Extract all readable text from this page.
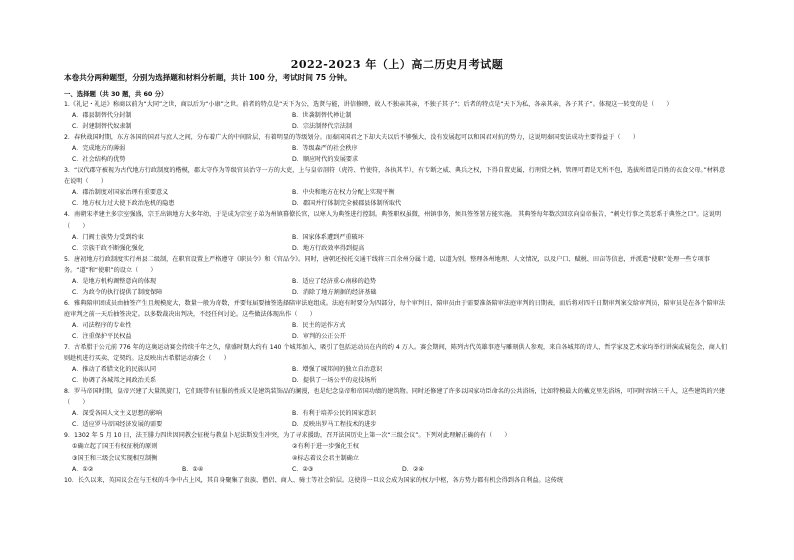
2022-2023 年（上）高二历史月考试题
本卷共分两种题型，分别为选择题和材料分析题，共计 100 分，考试时间 75 分钟。
一、选择题（共 30 题，共 60 分）
1.《礼记・礼运》称商以前为“大同”之世，商以后为“小康”之世。前者的特点是“天下为公，选贤与能，讲信修睦，故人不独亲其亲，不独子其子”；后者的特点是“天下为私，各亲其亲，各子其子”。体现这一转变的是（　　）
A．郡县制替代分封制	B．世袭制替代禅让制
C．封建制替代奴隶制	D．宗法制替代宗法制
2．春秋战国时期，东方各国的国君与庶人之间，分布着广大的中间阶层，有着明显的等级划分。而秦国国君之下却大夫以后不够强大，没有发展起可以和国君对抗的势力，这说明秦国变法成功主要得益于（　　）
A．完成地方的薄弱	B．等级森严的社会秩序
C．社会结构的优势	D．顺应时代的发展要求
3．“汉代郡守被视为古代地方行政制度的楷模，郡太守作为等级官员治守一方的大吏，上与皇帝剖符（虎符、竹使符，各执其半），有专断之威、典兵之权，下得自置吏属，行刑赏之柄，管理可谓是无所不包，选拔所谓是百姓的衣食父母。”材料意在说明（　　）
A．郡治制度对国家治理有重要意义	B．中央和地方在权力分配上实现平衡
C．地方权力过大使下政治危机的隐患	D．郡国并行体制完全被郡县体制所取代
4．南朝宋孝建主多宗室强盛，宗王出镇地方大多年幼，于是成为宗室子弟为州镇幕僚长官，以寒人为典签进行控制。典签职权虽微，州镇事务，须具签签署方能实施。 其典签每年数次回京向皇帝报告，“刺史行事之美恶系于典签之口”。这说明（　　）
A．门阀士族势力受到约束	B．国家体系遭到严重破坏
C．宗族干政不断强化强化	D．地方行政效率得到提高
5．唐初地方行政制度实行州县二级制，在职官设置上严格遵守《职员令》和《官品令》。同时，唐朝还按托交通干线将三百余州分属十道，以道为别，整理各州地理、人文情况，以及户口、赋税、田亩等信息，并派遣“使职”处理一些专项事务。“道”和“使职”的设立（　　）
A．是地方机构调整意向的体现	B．适应了经济重心南移的趋势
C．为政令的执行提供了制度保障	D．消除了地方割据的经济基础
6．雅典陪审团成员由抽签产生且规模庞大，数量一般为奇数，并要每届要抽签选择陪审法庭组成。法庭有时要分为四部分，每个审判日，陪审员由于需要准备陪审法庭审判的日期表，而后将对四千日期审判案交给审判员，陪审员是在各个陪审法庭审判之前一天后抽签决定。以多数裁决出判决，不经任何讨论。这些做法体现出作（　　）
A．司法程序的专业性	B．民主的运作方式
C．注重保护平民权益	D．审判的公正公开
7．古希腊于公元前 776 年的这奥运动赛会持续千年之久，鼎盛时期大约有 140 个城邦加入，吸引了包括运动员在内的约 4 万人。赛会期间，陈列古代英雄事迹与雕刻供人参观，来自各城邦的诗人、哲学家及艺术家均举行讲演或展览会，商人们则趁机进行买卖、定契约。这反映出古希腊运动赛会（　　）
A．推动了希腊文化的民族认同	B．增强了城邦间的独立自治意识
C．协调了各城邦之间政治关系	D．提供了一场公平的竞技场所
8．罗马帝国时期，皇帝兴建了大量凯旋门，它们既带有征服的性质又是建筑装饰品的澜漫，也是纪念皇帝和帝国功绩的建筑物。同时还修建了许多以国家功臣命名的公共浴场，比如特模最大的戴克里先浴场，可同时容纳三千人，这些建筑的兴建（　　）
A．深受各国人文主义思想的影响	B．有利于培养公民的国家意识
C．适应罗马帝国经济发展的需要	D．反映出罗马工程技术的进步
9．1302 年 5 月 10 日，法王腓力四世因同教会征税与教皇卜尼法斯发生冲突，为了寻求援助，召开法国历史上第一次“三级会议”。下列对此理解正确的有（　　）
①确立起了国王有权征税的原则	②有利于进一步强化王权
③国王和三级会议实现相互制衡	④标志着议会君主制确立
A．①②	B．①④	C．②③	D．②④
10．长久以来，英国议会在与王权的斗争中占上风，其自身聚集了贵族、僧侣、商人、骑士等社会阶层。这使得一旦议会成为国家的权力中枢，各方势力都有机会得到各自利益。这传统
